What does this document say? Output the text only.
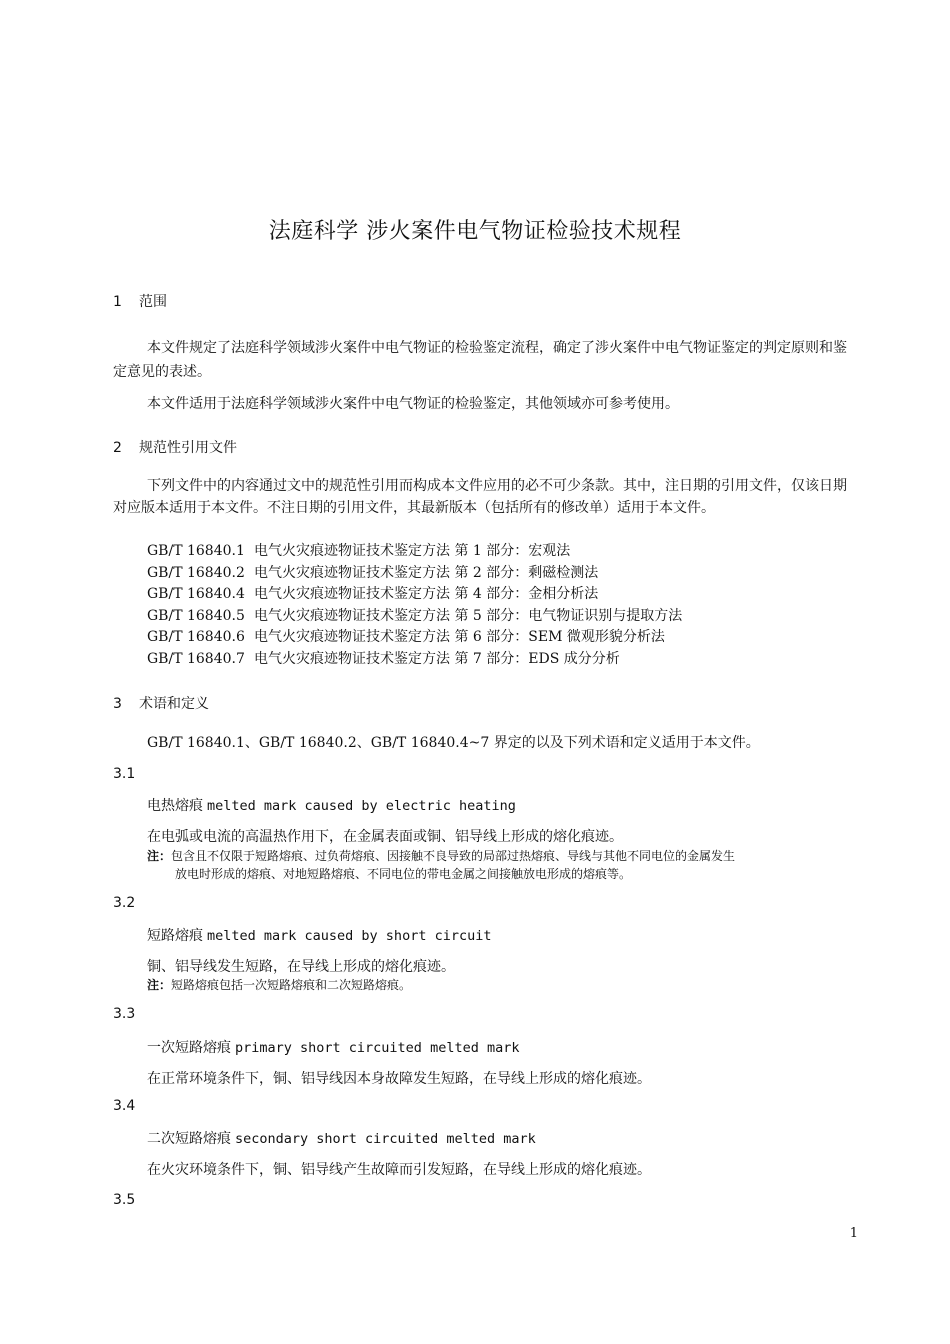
法庭科学 涉火案件电气物证检验技术规程
1 范围
本文件规定了法庭科学领域涉火案件中电气物证的检验鉴定流程，确定了涉火案件中电气物证鉴定的判定原则和鉴定意见的表述。
本文件适用于法庭科学领域涉火案件中电气物证的检验鉴定，其他领域亦可参考使用。
2 规范性引用文件
下列文件中的内容通过文中的规范性引用而构成本文件应用的必不可少条款。其中，注日期的引用文件，仅该日期对应版本适用于本文件。不注日期的引用文件，其最新版本（包括所有的修改单）适用于本文件。
GB/T 16840.1 电气火灾痕迹物证技术鉴定方法 第 1 部分：宏观法
GB/T 16840.2 电气火灾痕迹物证技术鉴定方法 第 2 部分：剩磁检测法
GB/T 16840.4 电气火灾痕迹物证技术鉴定方法 第 4 部分：金相分析法
GB/T 16840.5 电气火灾痕迹物证技术鉴定方法 第 5 部分：电气物证识别与提取方法
GB/T 16840.6 电气火灾痕迹物证技术鉴定方法 第 6 部分：SEM 微观形貌分析法
GB/T 16840.7 电气火灾痕迹物证技术鉴定方法 第 7 部分：EDS 成分分析
3 术语和定义
GB/T 16840.1、GB/T 16840.2、GB/T 16840.4~7 界定的以及下列术语和定义适用于本文件。
3.1
电热熔痕 melted mark caused by electric heating
在电弧或电流的高温热作用下，在金属表面或铜、铝导线上形成的熔化痕迹。
注：包含且不仅限于短路熔痕、过负荷熔痕、因接触不良导致的局部过热熔痕、导线与其他不同电位的金属发生
放电时形成的熔痕、对地短路熔痕、不同电位的带电金属之间接触放电形成的熔痕等。
3.2
短路熔痕 melted mark caused by short circuit
铜、铝导线发生短路，在导线上形成的熔化痕迹。
注：短路熔痕包括一次短路熔痕和二次短路熔痕。
3.3
一次短路熔痕 primary short circuited melted mark
在正常环境条件下，铜、铝导线因本身故障发生短路，在导线上形成的熔化痕迹。
3.4
二次短路熔痕 secondary short circuited melted mark
在火灾环境条件下，铜、铝导线产生故障而引发短路，在导线上形成的熔化痕迹。
3.5
1
